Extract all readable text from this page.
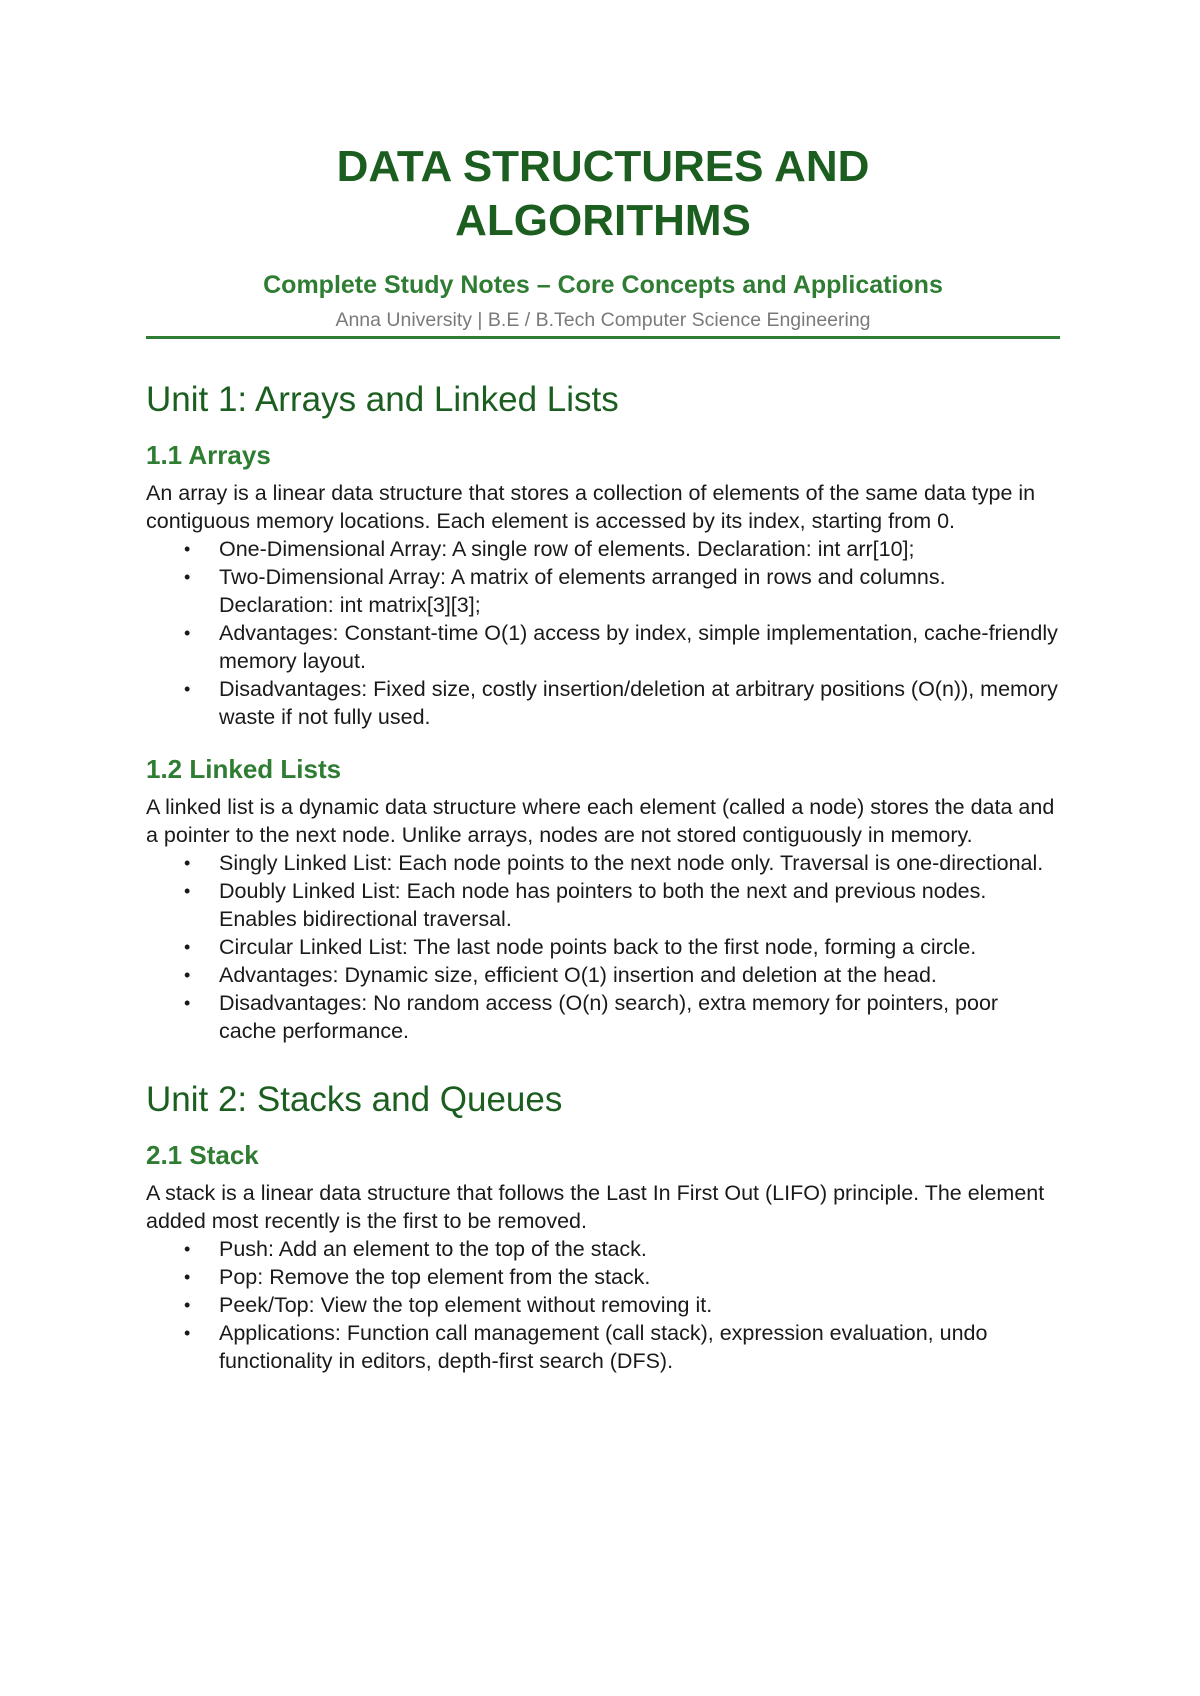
DATA STRUCTURES AND
ALGORITHMS

Complete Study Notes – Core Concepts and Applications

Anna University | B.E / B.Tech Computer Science Engineering

Unit 1: Arrays and Linked Lists
1.1 Arrays

An array is a linear data structure that stores a collection of elements of the same data type in contiguous memory locations. Each element is accessed by its index, starting from 0.

• One-Dimensional Array: A single row of elements. Declaration: int arr[10];
• Two-Dimensional Array: A matrix of elements arranged in rows and columns. Declaration: int matrix[3][3];
• Advantages: Constant-time O(1) access by index, simple implementation, cache-friendly memory layout.
• Disadvantages: Fixed size, costly insertion/deletion at arbitrary positions (O(n)), memory waste if not fully used.
1.2 Linked Lists

A linked list is a dynamic data structure where each element (called a node) stores the data and a pointer to the next node. Unlike arrays, nodes are not stored contiguously in memory.

• Singly Linked List: Each node points to the next node only. Traversal is one-directional.
• Doubly Linked List: Each node has pointers to both the next and previous nodes. Enables bidirectional traversal.
• Circular Linked List: The last node points back to the first node, forming a circle.
• Advantages: Dynamic size, efficient O(1) insertion and deletion at the head.
• Disadvantages: No random access (O(n) search), extra memory for pointers, poor cache performance.
Unit 2: Stacks and Queues
2.1 Stack

A stack is a linear data structure that follows the Last In First Out (LIFO) principle. The element added most recently is the first to be removed.

• Push: Add an element to the top of the stack.
• Pop: Remove the top element from the stack.
• Peek/Top: View the top element without removing it.
• Applications: Function call management (call stack), expression evaluation, undo functionality in editors, depth-first search (DFS).
